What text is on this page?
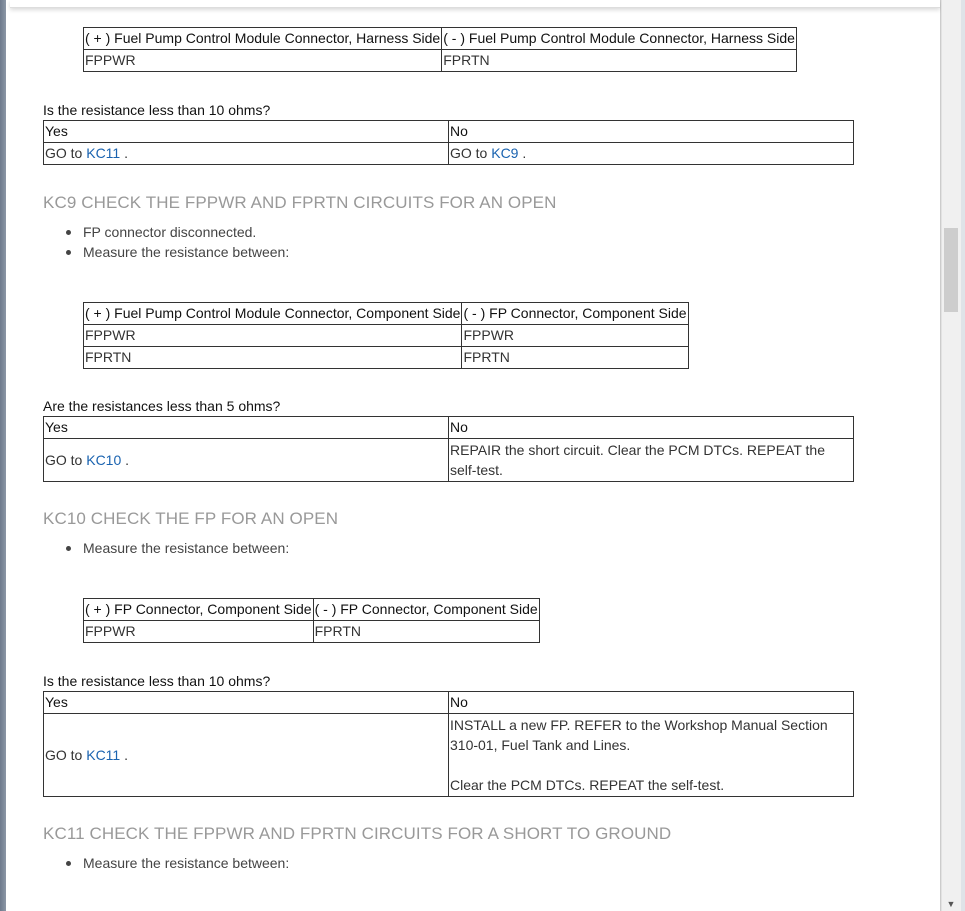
( + ) Fuel Pump Control Module Connector, Harness Side	( - ) Fuel Pump Control Module Connector, Harness Side
FPPWR	FPRTN
Is the resistance less than 10 ohms?
Yes	No
GO to KC11 .	GO to KC9 .
KC9 CHECK THE FPPWR AND FPRTN CIRCUITS FOR AN OPEN
FP connector disconnected.
Measure the resistance between:
( + ) Fuel Pump Control Module Connector, Component Side	( - ) FP Connector, Component Side
FPPWR	FPPWR
FPRTN	FPRTN
Are the resistances less than 5 ohms?
Yes	No
GO to KC10 .	REPAIR the short circuit. Clear the PCM DTCs. REPEAT the self-test.
KC10 CHECK THE FP FOR AN OPEN
Measure the resistance between:
( + ) FP Connector, Component Side	( - ) FP Connector, Component Side
FPPWR	FPRTN
Is the resistance less than 10 ohms?
Yes	No
GO to KC11 .	INSTALL a new FP. REFER to the Workshop Manual Section 310-01, Fuel Tank and Lines.
Clear the PCM DTCs. REPEAT the self-test.
KC11 CHECK THE FPPWR AND FPRTN CIRCUITS FOR A SHORT TO GROUND
Measure the resistance between:
▼
